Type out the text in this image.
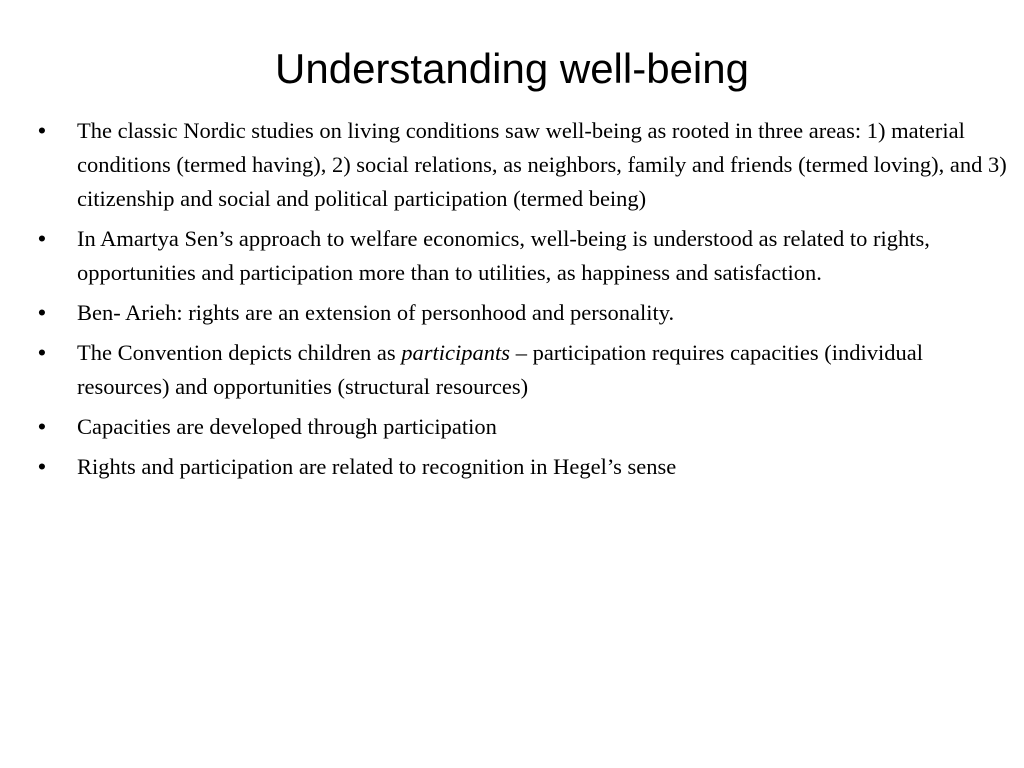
Understanding well-being
•	The classic Nordic studies on living conditions saw well-being as rooted in three areas: 1) material conditions (termed having), 2) social relations, as neighbors, family and friends (termed loving), and 3) citizenship and social and political participation (termed being)
•	In Amartya Sen’s approach to welfare economics, well-being is understood as related to rights, opportunities and participation more than to utilities, as happiness and satisfaction.
•	Ben- Arieh: rights are an extension of personhood and personality.
•	The Convention depicts children as participants – participation requires capacities (individual resources) and opportunities (structural resources)
•	Capacities are developed through participation
•	Rights and participation are related to recognition in Hegel’s sense
